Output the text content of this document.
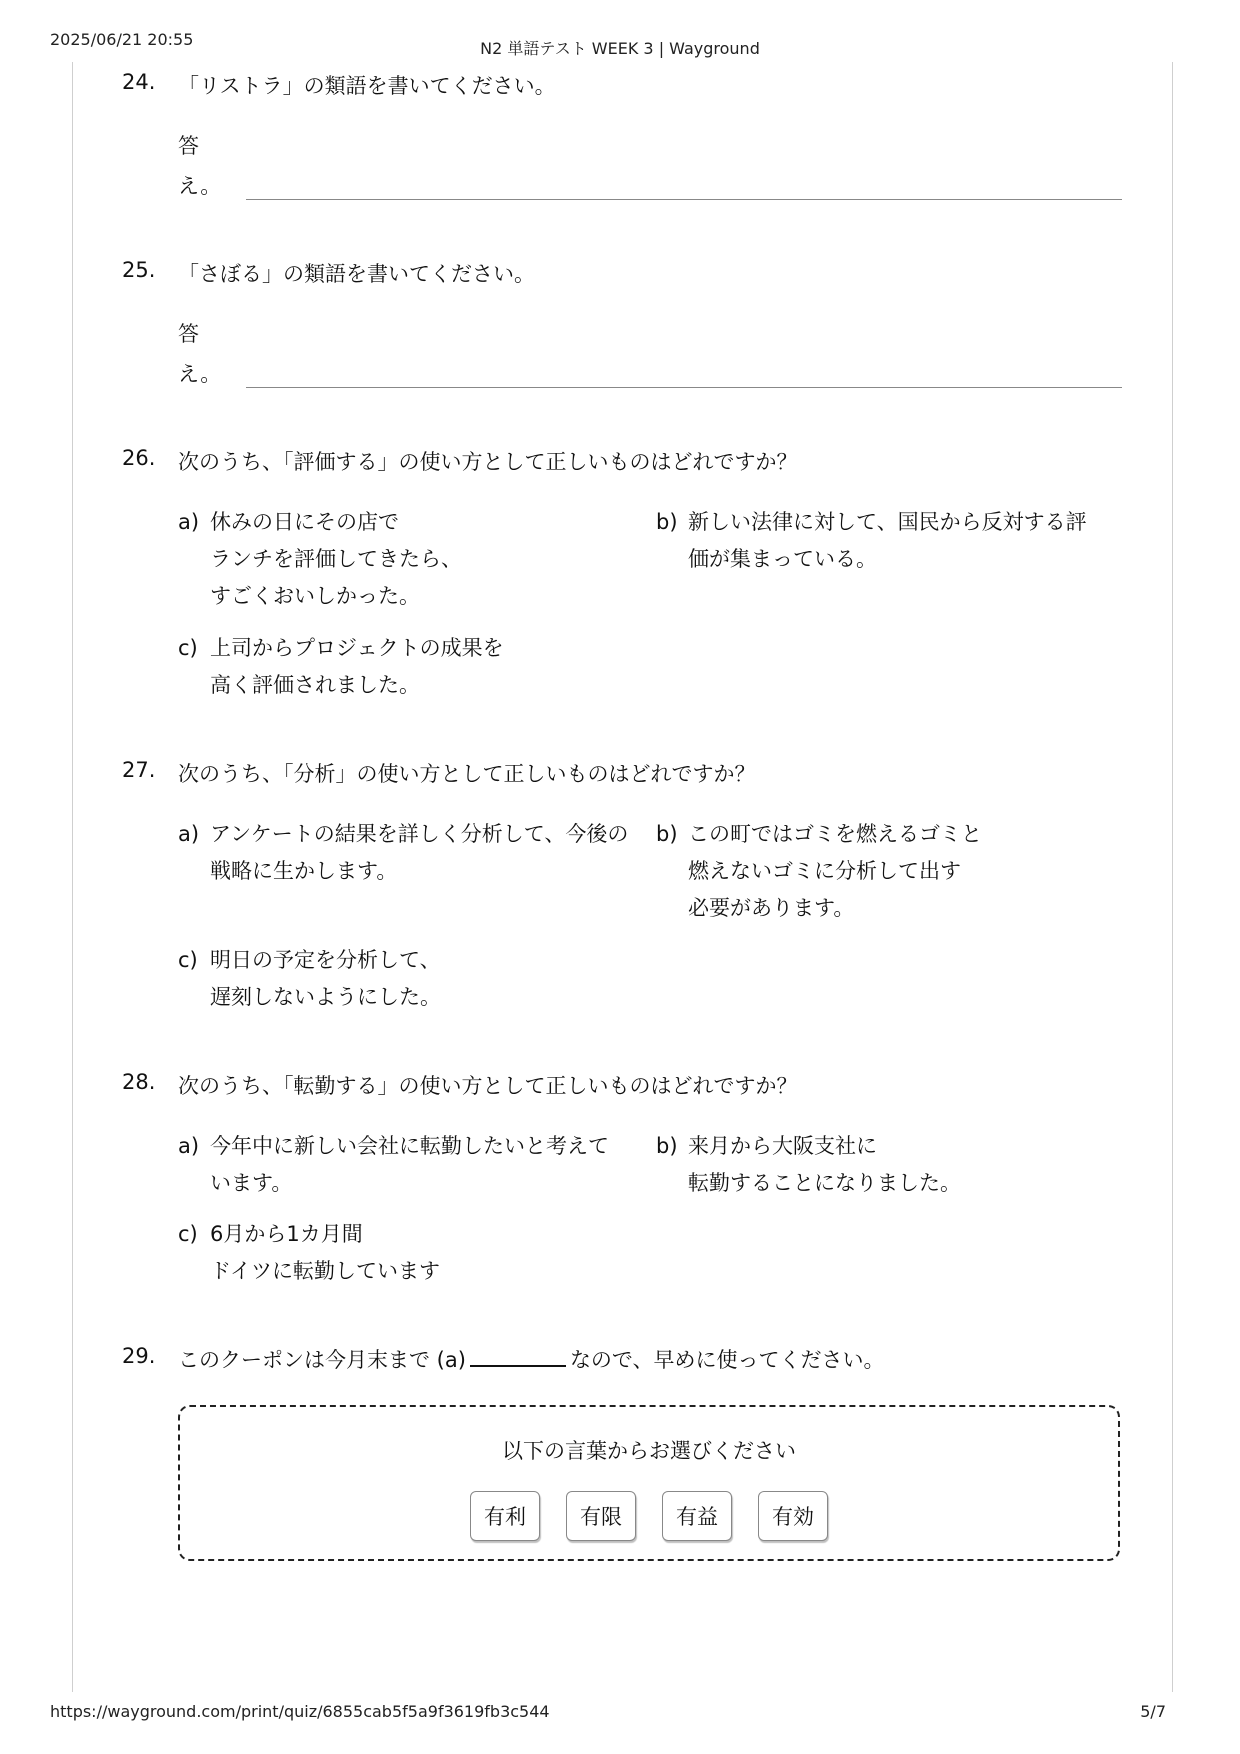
2025/06/21 20:55	N2 単語テスト WEEK 3 | Wayground
24. 「リストラ」の類語を書いてください。
答
え。
25. 「さぼる」の類語を書いてください。
答
え。
26. 次のうち、「評価する」の使い方として正しいものはどれですか？
a) 休みの日にその店で
ランチを評価してきたら、
すごくおいしかった。
b) 新しい法律に対して、国民から反対する評
価が集まっている。
c) 上司からプロジェクトの成果を
高く評価されました。
27. 次のうち、「分析」の使い方として正しいものはどれですか？
a) アンケートの結果を詳しく分析して、今後の
戦略に生かします。
b) この町ではゴミを燃えるゴミと
燃えないゴミに分析して出す
必要があります。
c) 明日の予定を分析して、
遅刻しないようにした。
28. 次のうち、「転勤する」の使い方として正しいものはどれですか？
a) 今年中に新しい会社に転勤したいと考えて
います。
b) 来月から大阪支社に
転勤することになりました。
c) 6月から1カ月間
ドイツに転勤しています
29. このクーポンは今月末まで (a)	なので、早めに使ってください。
以下の言葉からお選びください
有利	有限	有益	有効
https://wayground.com/print/quiz/6855cab5f5a9f3619fb3c544	5/7
